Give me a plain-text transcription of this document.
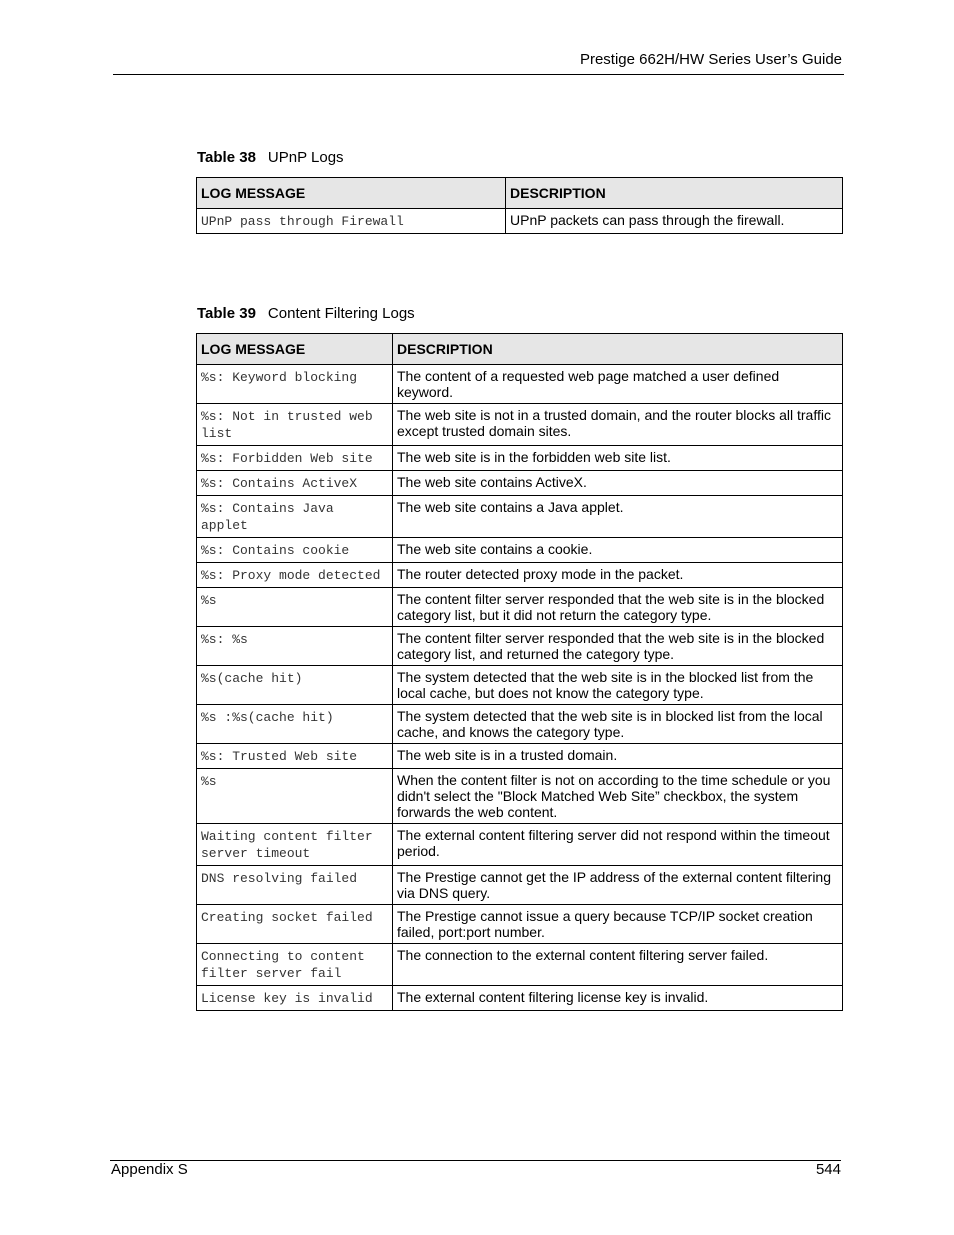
Prestige 662H/HW Series User’s Guide
Table 38 UPnP Logs
LOG MESSAGE	DESCRIPTION
UPnP pass through Firewall	UPnP packets can pass through the firewall.
Table 39 Content Filtering Logs
LOG MESSAGE	DESCRIPTION
%s: Keyword blocking	The content of a requested web page matched a user defined keyword.
%s: Not in trusted web list	The web site is not in a trusted domain, and the router blocks all traffic except trusted domain sites.
%s: Forbidden Web site	The web site is in the forbidden web site list.
%s: Contains ActiveX	The web site contains ActiveX.
%s: Contains Java applet	The web site contains a Java applet.
%s: Contains cookie	The web site contains a cookie.
%s: Proxy mode detected	The router detected proxy mode in the packet.
%s	The content filter server responded that the web site is in the blocked category list, but it did not return the category type.
%s: %s	The content filter server responded that the web site is in the blocked category list, and returned the category type.
%s(cache hit)	The system detected that the web site is in the blocked list from the local cache, but does not know the category type.
%s :%s(cache hit)	The system detected that the web site is in blocked list from the local cache, and knows the category type.
%s: Trusted Web site	The web site is in a trusted domain.
%s	When the content filter is not on according to the time schedule or you didn't select the "Block Matched Web Site” checkbox, the system forwards the web content.
Waiting content filter server timeout	The external content filtering server did not respond within the timeout period.
DNS resolving failed	The Prestige cannot get the IP address of the external content filtering via DNS query.
Creating socket failed	The Prestige cannot issue a query because TCP/IP socket creation failed, port:port number.
Connecting to content filter server fail	The connection to the external content filtering server failed.
License key is invalid	The external content filtering license key is invalid.
Appendix S	544
